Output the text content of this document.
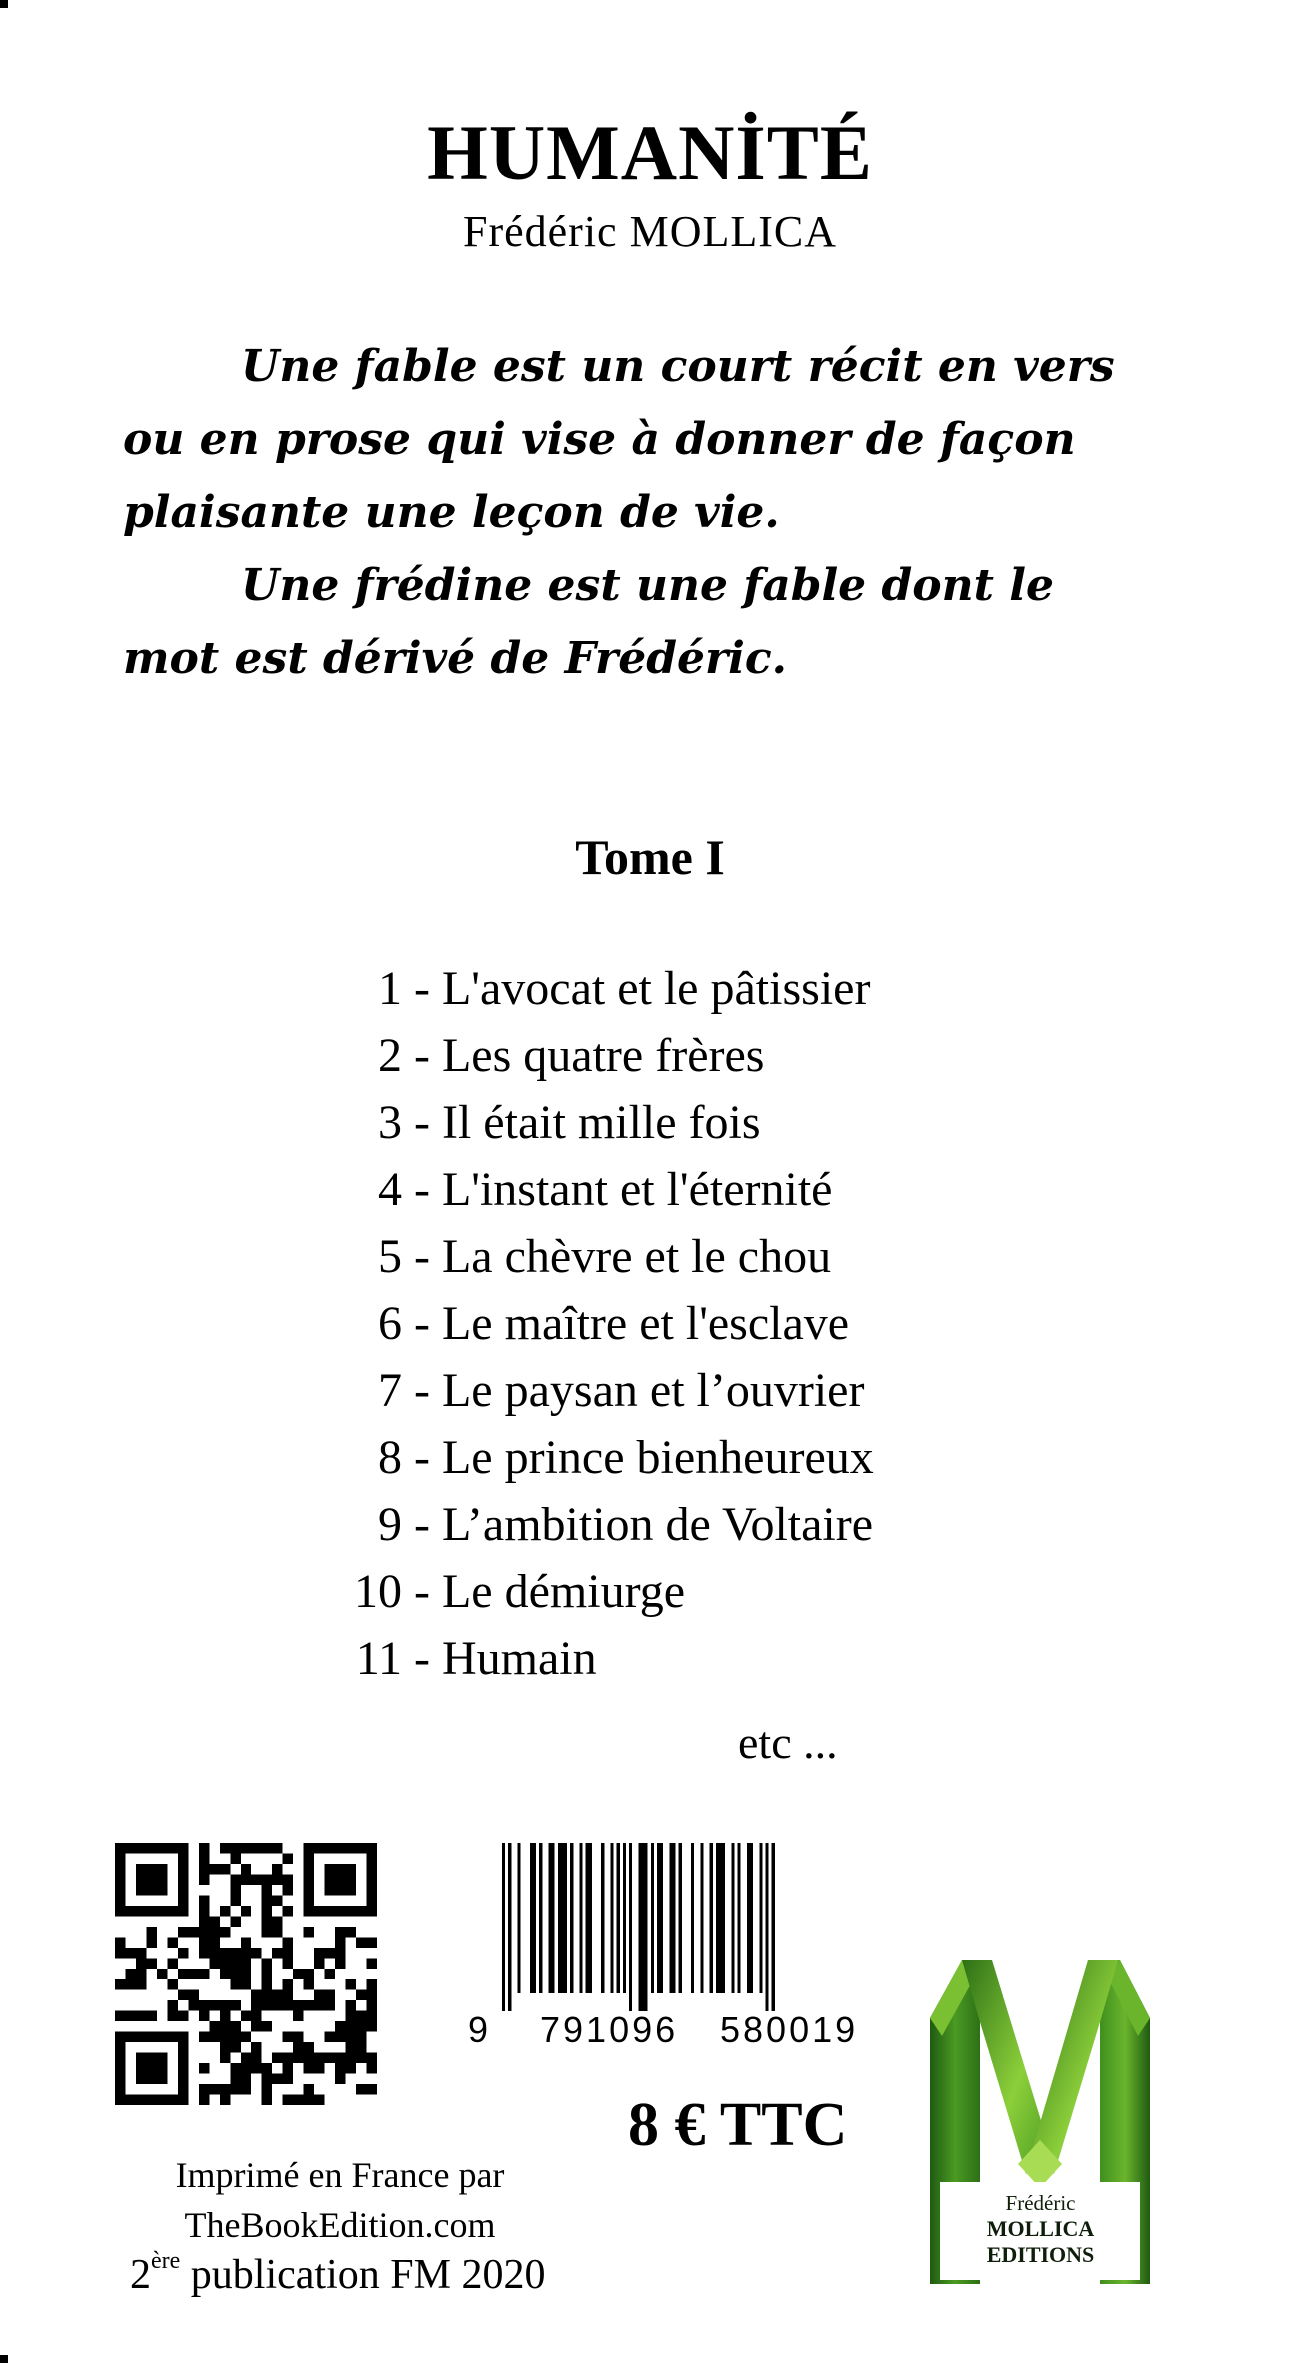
HUMANİTÉ
Frédéric MOLLICA

Une fable est un court récit en vers ou en prose qui vise à donner de façon plaisante une leçon de vie.

Une frédine est une fable dont le mot est dérivé de Frédéric.

Tome I
1 - L'avocat et le pâtissier
2 - Les quatre frères
3 - Il était mille fois
4 - L'instant et l'éternité
5 - La chèvre et le chou
6 - Le maître et l'esclave
7 - Le paysan et l’ouvrier
8 - Le prince bienheureux
9 - L’ambition de Voltaire
10 - Le démiurge
11 - Humain
etc ...
9 791096 580019
8 € TTC
Imprimé en France par
TheBookEdition.com
2ère publication FM 2020
Frédéric
MOLLICA
EDITIONS
